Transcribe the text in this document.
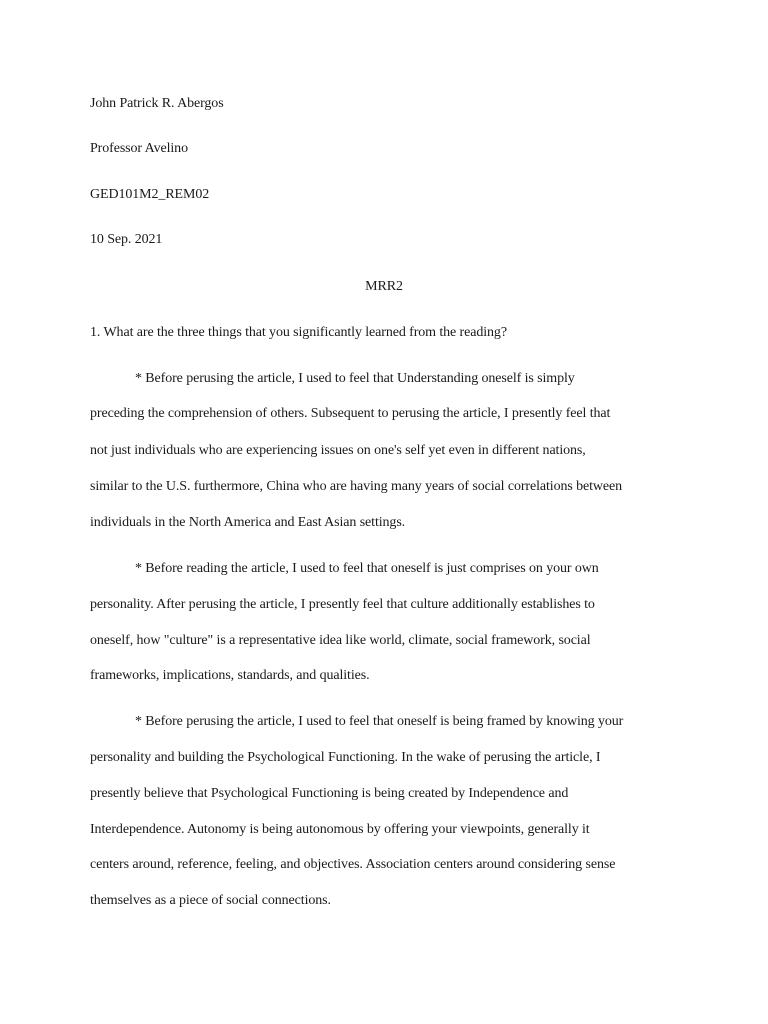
John Patrick R. Abergos
Professor Avelino
GED101M2_REM02
10 Sep. 2021
MRR2
1. What are the three things that you significantly learned from the reading?
* Before perusing the article, I used to feel that Understanding oneself is simply
preceding the comprehension of others. Subsequent to perusing the article, I presently feel that
not just individuals who are experiencing issues on one's self yet even in different nations,
similar to the U.S. furthermore, China who are having many years of social correlations between
individuals in the North America and East Asian settings.
* Before reading the article, I used to feel that oneself is just comprises on your own
personality. After perusing the article, I presently feel that culture additionally establishes to
oneself, how "culture" is a representative idea like world, climate, social framework, social
frameworks, implications, standards, and qualities.
* Before perusing the article, I used to feel that oneself is being framed by knowing your
personality and building the Psychological Functioning. In the wake of perusing the article, I
presently believe that Psychological Functioning is being created by Independence and
Interdependence. Autonomy is being autonomous by offering your viewpoints, generally it
centers around, reference, feeling, and objectives. Association centers around considering sense
themselves as a piece of social connections.
